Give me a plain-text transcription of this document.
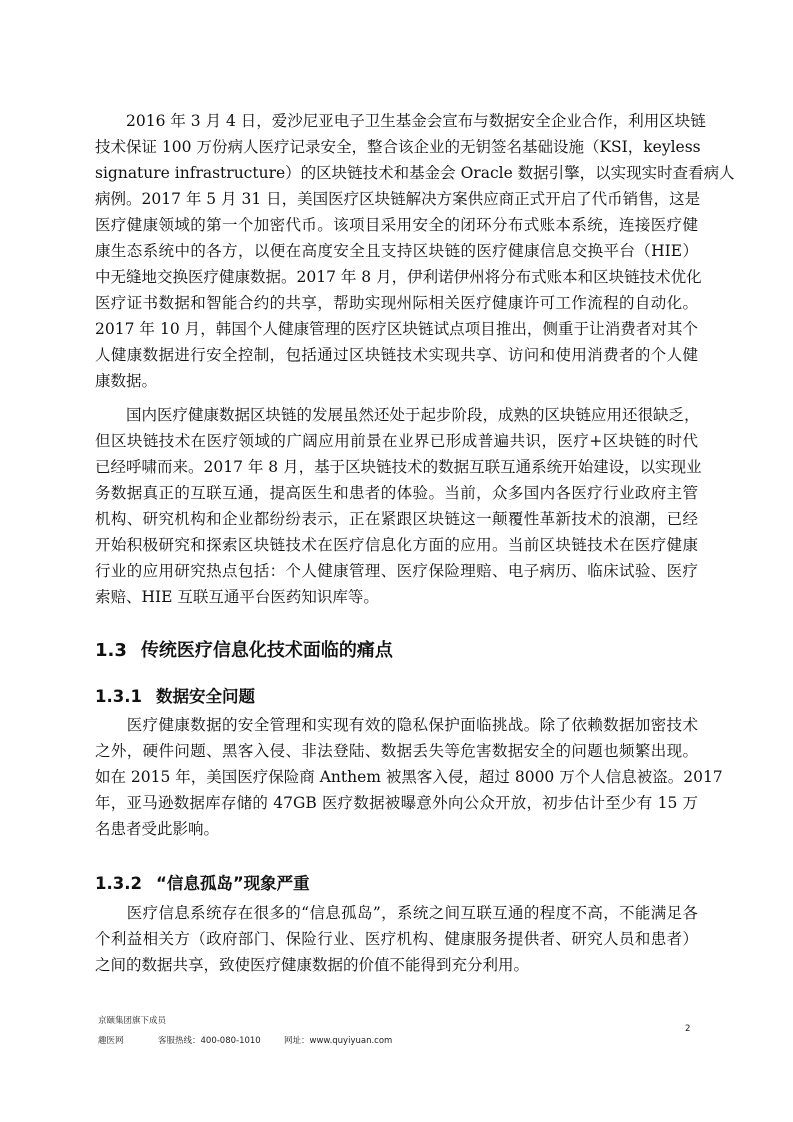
　　2016 年 3 月 4 日，爱沙尼亚电子卫生基金会宣布与数据安全企业合作，利用区块链
技术保证 100 万份病人医疗记录安全，整合该企业的无钥签名基础设施（KSI，keyless
signature infrastructure）的区块链技术和基金会 Oracle 数据引擎，以实现实时查看病人
病例。2017 年 5 月 31 日，美国医疗区块链解决方案供应商正式开启了代币销售，这是
医疗健康领域的第一个加密代币。该项目采用安全的闭环分布式账本系统，连接医疗健
康生态系统中的各方，以便在高度安全且支持区块链的医疗健康信息交换平台（HIE）
中无缝地交换医疗健康数据。2017 年 8 月，伊利诺伊州将分布式账本和区块链技术优化
医疗证书数据和智能合约的共享，帮助实现州际相关医疗健康许可工作流程的自动化。
2017 年 10 月，韩国个人健康管理的医疗区块链试点项目推出，侧重于让消费者对其个
人健康数据进行安全控制，包括通过区块链技术实现共享、访问和使用消费者的个人健
康数据。
　　国内医疗健康数据区块链的发展虽然还处于起步阶段，成熟的区块链应用还很缺乏，
但区块链技术在医疗领域的广阔应用前景在业界已形成普遍共识，医疗+区块链的时代
已经呼啸而来。2017 年 8 月，基于区块链技术的数据互联互通系统开始建设，以实现业
务数据真正的互联互通，提高医生和患者的体验。当前，众多国内各医疗行业政府主管
机构、研究机构和企业都纷纷表示，正在紧跟区块链这一颠覆性革新技术的浪潮，已经
开始积极研究和探索区块链技术在医疗信息化方面的应用。当前区块链技术在医疗健康
行业的应用研究热点包括：个人健康管理、医疗保险理赔、电子病历、临床试验、医疗
索赔、HIE 互联互通平台医药知识库等。
1.3 传统医疗信息化技术面临的痛点
1.3.1 数据安全问题
　　医疗健康数据的安全管理和实现有效的隐私保护面临挑战。除了依赖数据加密技术
之外，硬件问题、黑客入侵、非法登陆、数据丢失等危害数据安全的问题也频繁出现。
如在 2015 年，美国医疗保险商 Anthem 被黑客入侵，超过 8000 万个人信息被盗。2017
年，亚马逊数据库存储的 47GB 医疗数据被曝意外向公众开放，初步估计至少有 15 万
名患者受此影响。
1.3.2 “信息孤岛”现象严重
　　医疗信息系统存在很多的“信息孤岛”，系统之间互联互通的程度不高，不能满足各
个利益相关方（政府部门、保险行业、医疗机构、健康服务提供者、研究人员和患者）
之间的数据共享，致使医疗健康数据的价值不能得到充分利用。
京颐集团旗下成员
2
趣医网	客服热线：400-080-1010	网址：www.quyiyuan.com
